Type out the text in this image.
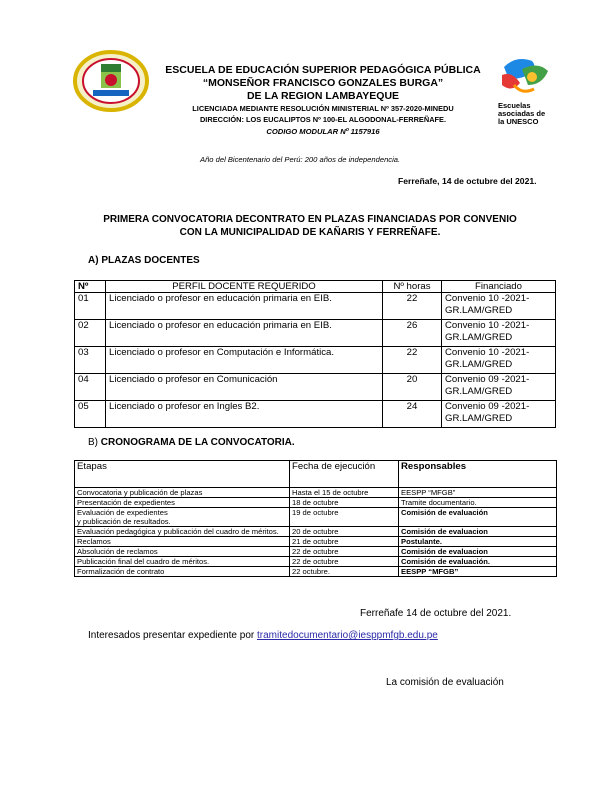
ESCUELA DE EDUCACIÓN SUPERIOR PEDAGÓGICA PÚBLICA
“MONSEÑOR FRANCISCO GONZALES BURGA”
DE LA REGION LAMBAYEQUE
LICENCIADA MEDIANTE RESOLUCIÓN MINISTERIAL Nº 357-2020-MINEDU
DIRECCIÓN: LOS EUCALIPTOS Nº 100-EL ALGODONAL-FERREÑAFE.
CODIGO MODULAR Nº 1157916
Escuelas
asociadas de
la UNESCO
Año del Bicentenario del Perú: 200 años de independencia.
Ferreñafe, 14 de octubre del 2021.
PRIMERA CONVOCATORIA DECONTRATO EN PLAZAS FINANCIADAS POR CONVENIO
CON LA MUNICIPALIDAD DE KAÑARIS Y FERREÑAFE.
A) PLAZAS DOCENTES
Nº	PERFIL DOCENTE REQUERIDO	Nº horas	Financiado
01	Licenciado o profesor en educación primaria en EIB.	22	Convenio 10 -2021-GR.LAM/GRED
02	Licenciado o profesor en educación primaria en EIB.	26	Convenio 10 -2021-GR.LAM/GRED
03	Licenciado o profesor en Computación e Informática.	22	Convenio 10 -2021-GR.LAM/GRED
04	Licenciado o profesor en Comunicación	20	Convenio 09 -2021-GR.LAM/GRED
05	Licenciado o profesor en Ingles B2.	24	Convenio 09 -2021-GR.LAM/GRED
B) CRONOGRAMA DE LA CONVOCATORIA.
Etapas	Fecha de ejecución	Responsables
Convocatoria y publicación de plazas	Hasta el 15 de octubre	EESPP “MFGB”
Presentación de expedientes	18 de octubre	Tramite documentario.
Evaluación de expedientes
y publicación de resultados.	19 de octubre	Comisión de evaluación
Evaluación pedagógica y publicación del cuadro de méritos.	20 de octubre	Comisión de evaluacion
Reclamos	21 de octubre	Postulante.
Absolución de reclamos	22 de octubre	Comisión de evaluacion
Publicación final del cuadro de méritos.	22 de octubre	Comisión de evaluación.
Formalización de contrato	22 octubre.	EESPP “MFGB”
Ferreñafe 14 de octubre del 2021.
Interesados presentar expediente por tramitedocumentario@iesppmfgb.edu.pe
La comisión de evaluación
